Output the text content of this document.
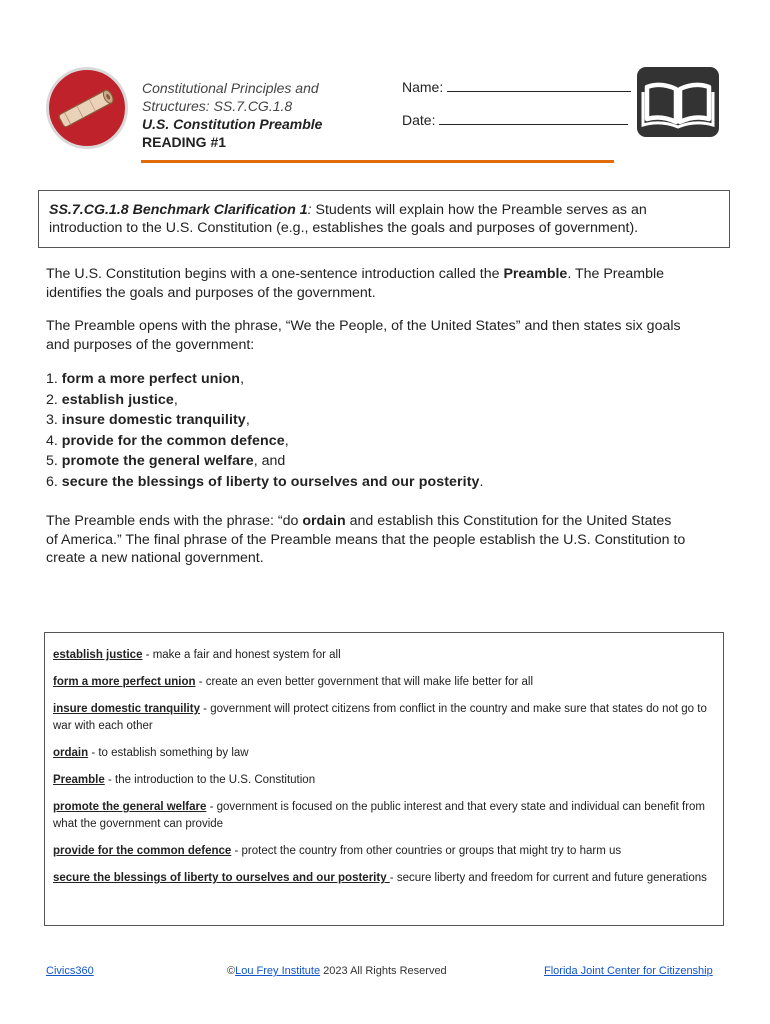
Constitutional Principles and
Structures: SS.7.CG.1.8
U.S. Constitution Preamble
READING #1
Name:
Date:
SS.7.CG.1.8 Benchmark Clarification 1: Students will explain how the Preamble serves as an introduction to the U.S. Constitution (e.g., establishes the goals and purposes of government).
The U.S. Constitution begins with a one-sentence introduction called the Preamble. The Preamble identifies the goals and purposes of the government.
The Preamble opens with the phrase, “We the People, of the United States” and then states six goals and purposes of the government:
1. form a more perfect union,
2. establish justice,
3. insure domestic tranquility,
4. provide for the common defence,
5. promote the general welfare, and
6. secure the blessings of liberty to ourselves and our posterity.
The Preamble ends with the phrase: “do ordain and establish this Constitution for the United States of America.” The final phrase of the Preamble means that the people establish the U.S. Constitution to create a new national government.
establish justice - make a fair and honest system for all
form a more perfect union - create an even better government that will make life better for all
insure domestic tranquility - government will protect citizens from conflict in the country and make sure that states do not go to war with each other
ordain - to establish something by law
Preamble - the introduction to the U.S. Constitution
promote the general welfare - government is focused on the public interest and that every state and individual can benefit from what the government can provide
provide for the common defence - protect the country from other countries or groups that might try to harm us
secure the blessings of liberty to ourselves and our posterity - secure liberty and freedom for current and future generations
Civics360	©Lou Frey Institute 2023 All Rights Reserved	Florida Joint Center for Citizenship
